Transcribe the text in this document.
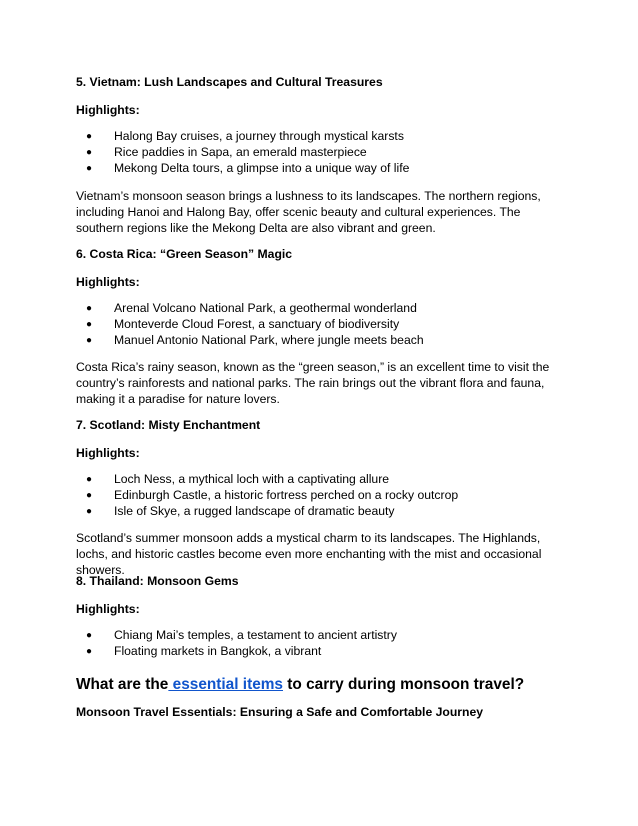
5. Vietnam: Lush Landscapes and Cultural Treasures
Highlights:
● Halong Bay cruises, a journey through mystical karsts
● Rice paddies in Sapa, an emerald masterpiece
● Mekong Delta tours, a glimpse into a unique way of life

Vietnam’s monsoon season brings a lushness to its landscapes. The northern regions, including Hanoi and Halong Bay, offer scenic beauty and cultural experiences. The southern regions like the Mekong Delta are also vibrant and green.

6. Costa Rica: “Green Season” Magic
Highlights:
● Arenal Volcano National Park, a geothermal wonderland
● Monteverde Cloud Forest, a sanctuary of biodiversity
● Manuel Antonio National Park, where jungle meets beach

Costa Rica’s rainy season, known as the “green season,” is an excellent time to visit the country’s rainforests and national parks. The rain brings out the vibrant flora and fauna, making it a paradise for nature lovers.

7. Scotland: Misty Enchantment
Highlights:
● Loch Ness, a mythical loch with a captivating allure
● Edinburgh Castle, a historic fortress perched on a rocky outcrop
● Isle of Skye, a rugged landscape of dramatic beauty

Scotland’s summer monsoon adds a mystical charm to its landscapes. The Highlands, lochs, and historic castles become even more enchanting with the mist and occasional showers.

8. Thailand: Monsoon Gems
Highlights:
● Chiang Mai’s temples, a testament to ancient artistry
● Floating markets in Bangkok, a vibrant
What are the essential items to carry during monsoon travel?
Monsoon Travel Essentials: Ensuring a Safe and Comfortable Journey
